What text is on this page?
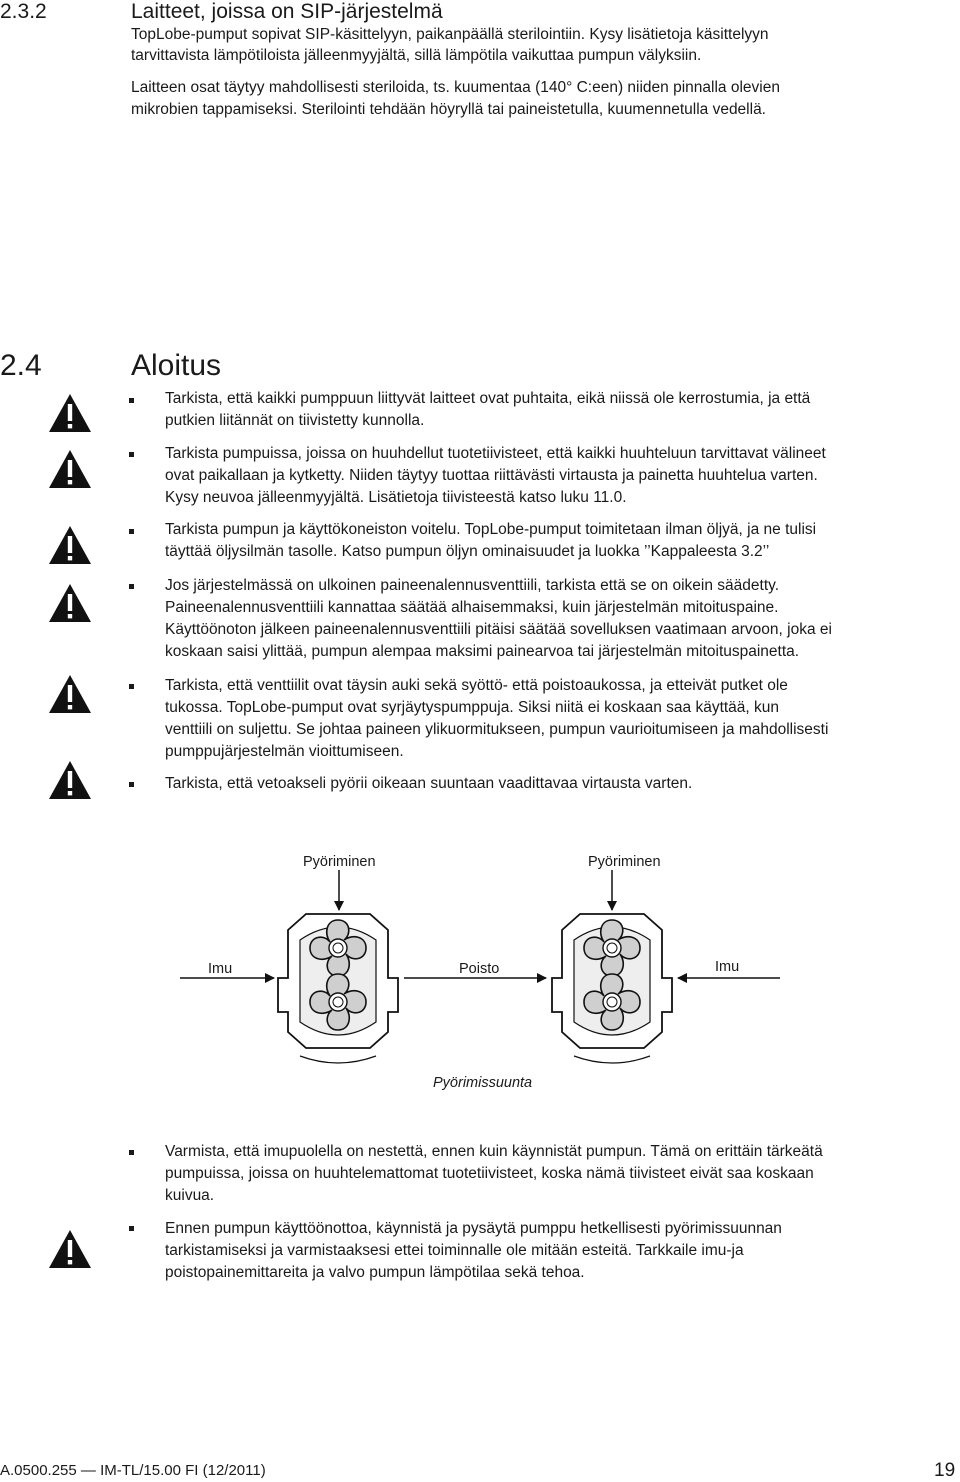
2.3.2	Laitteet, joissa on SIP-järjestelmä
TopLobe-pumput sopivat SIP-käsittelyyn, paikanpäällä sterilointiin. Kysy lisätietoja käsittelyyn
tarvittavista lämpötiloista jälleenmyyjältä, sillä lämpötila vaikuttaa pumpun välyksiin.
Laitteen osat täytyy mahdollisesti steriloida, ts. kuumentaa (140° C:een) niiden pinnalla olevien
mikrobien tappamiseksi. Sterilointi tehdään höyryllä tai paineistetulla, kuumennetulla vedellä.
2.4	Aloitus
Tarkista, että kaikki pumppuun liittyvät laitteet ovat puhtaita, eikä niissä ole kerrostumia, ja että
putkien liitännät on tiivistetty kunnolla.
Tarkista pumpuissa, joissa on huuhdellut tuotetiivisteet, että kaikki huuhteluun tarvittavat välineet
ovat paikallaan ja kytketty. Niiden täytyy tuottaa riittävästi virtausta ja painetta huuhtelua varten.
Kysy neuvoa jälleenmyyjältä. Lisätietoja tiivisteestä katso luku 11.0.
Tarkista pumpun ja käyttökoneiston voitelu. TopLobe-pumput toimitetaan ilman öljyä, ja ne tulisi
täyttää öljysilmän tasolle. Katso pumpun öljyn ominaisuudet ja luokka ’’Kappaleesta 3.2’’
Jos järjestelmässä on ulkoinen paineenalennusventtiili, tarkista että se on oikein säädetty.
Paineenalennusventtiili kannattaa säätää alhaisemmaksi, kuin järjestelmän mitoituspaine.
Käyttöönoton jälkeen paineenalennusventtiili pitäisi säätää sovelluksen vaatimaan arvoon, joka ei
koskaan saisi ylittää, pumpun alempaa maksimi painearvoa tai järjestelmän mitoituspainetta.
Tarkista, että venttiilit ovat täysin auki sekä syöttö- että poistoaukossa, ja etteivät putket ole
tukossa. TopLobe-pumput ovat syrjäytyspumppuja. Siksi niitä ei koskaan saa käyttää, kun
venttiili on suljettu. Se johtaa paineen ylikuormitukseen, pumpun vaurioitumiseen ja mahdollisesti
pumppujärjestelmän vioittumiseen.
Tarkista, että vetoakseli pyörii oikeaan suuntaan vaadittavaa virtausta varten.
Pyöriminen	Pyöriminen
Imu	Poisto	Imu
Pyörimissuunta
Varmista, että imupuolella on nestettä, ennen kuin käynnistät pumpun. Tämä on erittäin tärkeätä
pumpuissa, joissa on huuhtelemattomat tuotetiivisteet, koska nämä tiivisteet eivät saa koskaan
kuivua.
Ennen pumpun käyttöönottoa, käynnistä ja pysäytä pumppu hetkellisesti pyörimissuunnan
tarkistamiseksi ja varmistaaksesi ettei toiminnalle ole mitään esteitä. Tarkkaile imu-ja
poistopainemittareita ja valvo pumpun lämpötilaa sekä tehoa.
A.0500.255 — IM-TL/15.00 FI (12/2011)	19
